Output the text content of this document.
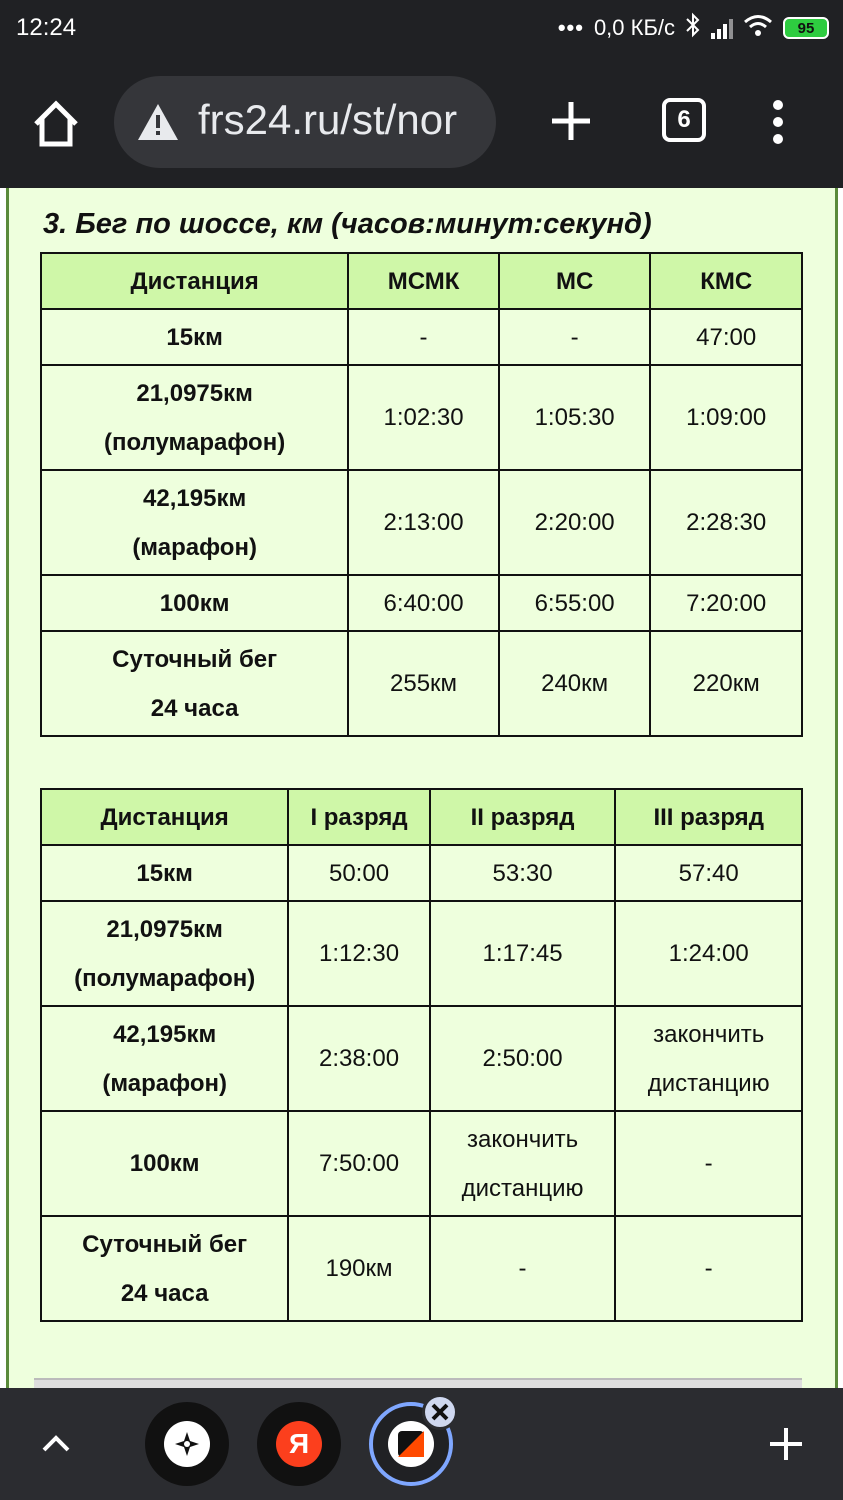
12:24	••• 0,0 КБ/с	95
frs24.ru/st/nor	6
3. Бег по шоссе, км (часов:минут:секунд)
Дистанция	МСМК	МС	КМС
15км	-	-	47:00
21,0975км
(полумарафон)	1:02:30	1:05:30	1:09:00
42,195км
(марафон)	2:13:00	2:20:00	2:28:30
100км	6:40:00	6:55:00	7:20:00
Суточный бег
24 часа	255км	240км	220км
Дистанция	I разряд	II разряд	III разряд
15км	50:00	53:30	57:40
21,0975км
(полумарафон)	1:12:30	1:17:45	1:24:00
42,195км
(марафон)	2:38:00	2:50:00	закончить дистанцию
100км	7:50:00	закончить дистанцию	-
Суточный бег
24 часа	190км	-	-
Я
